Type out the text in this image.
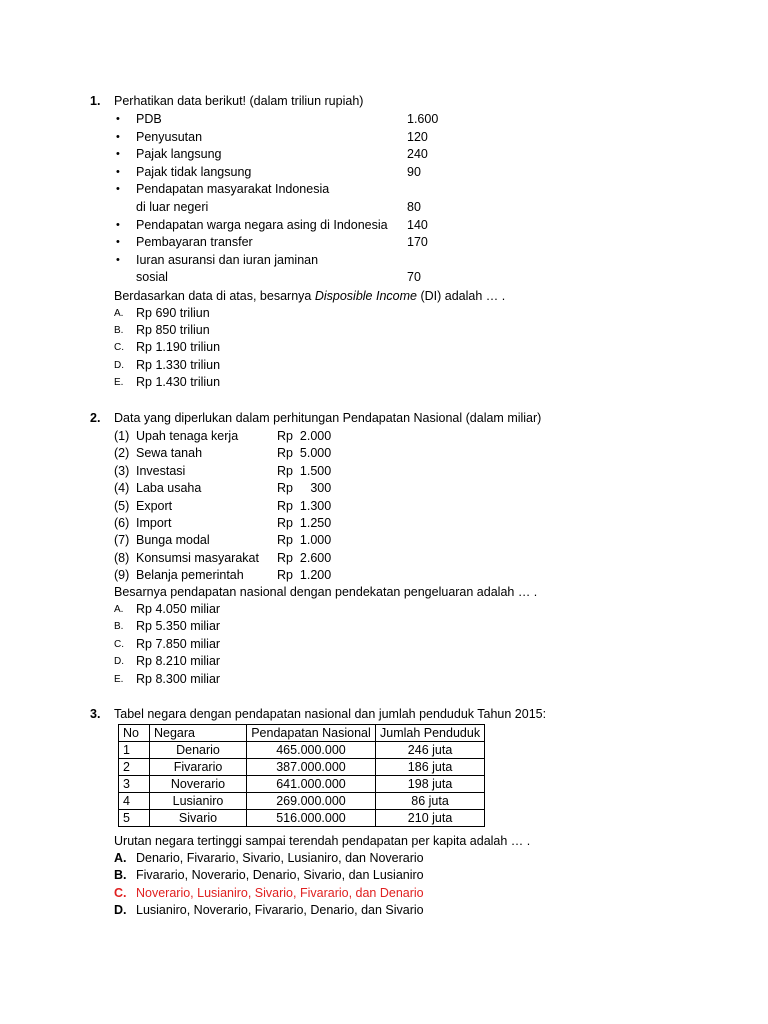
1. Perhatikan data berikut! (dalam triliun rupiah)
• PDB	1.600
• Penyusutan	120
• Pajak langsung	240
• Pajak tidak langsung	90
• Pendapatan masyarakat Indonesia
di luar negeri	80
• Pendapatan warga negara asing di Indonesia 140
• Pembayaran transfer	170
• Iuran asuransi dan iuran jaminan
sosial	70
Berdasarkan data di atas, besarnya Disposible Income (DI) adalah … .
A. Rp 690 triliun
B. Rp 850 triliun
C. Rp 1.190 triliun
D. Rp 1.330 triliun
E. Rp 1.430 triliun
2. Data yang diperlukan dalam perhitungan Pendapatan Nasional (dalam miliar)
(1) Upah tenaga kerja	Rp  2.000
(2) Sewa tanah	Rp  5.000
(3) Investasi	Rp  1.500
(4) Laba usaha	Rp     300
(5) Export	Rp  1.300
(6) Import	Rp  1.250
(7) Bunga modal	Rp  1.000
(8) Konsumsi masyarakat Rp  2.600
(9) Belanja pemerintah	Rp  1.200
Besarnya pendapatan nasional dengan pendekatan pengeluaran adalah … .
A. Rp 4.050 miliar
B. Rp 5.350 miliar
C. Rp 7.850 miliar
D. Rp 8.210 miliar
E. Rp 8.300 miliar
3. Tabel negara dengan pendapatan nasional dan jumlah penduduk Tahun 2015:
No	Negara	Pendapatan Nasional	Jumlah Penduduk
1	Denario	465.000.000	246 juta
2	Fivarario	387.000.000	186 juta
3	Noverario	641.000.000	198 juta
4	Lusianiro	269.000.000	86 juta
5	Sivario	516.000.000	210 juta
Urutan negara tertinggi sampai terendah pendapatan per kapita adalah … .
A. Denario, Fivarario, Sivario, Lusianiro, dan Noverario
B. Fivarario, Noverario, Denario, Sivario, dan Lusianiro
C. Noverario, Lusianiro, Sivario, Fivarario, dan Denario
D. Lusianiro, Noverario, Fivarario, Denario, dan Sivario
